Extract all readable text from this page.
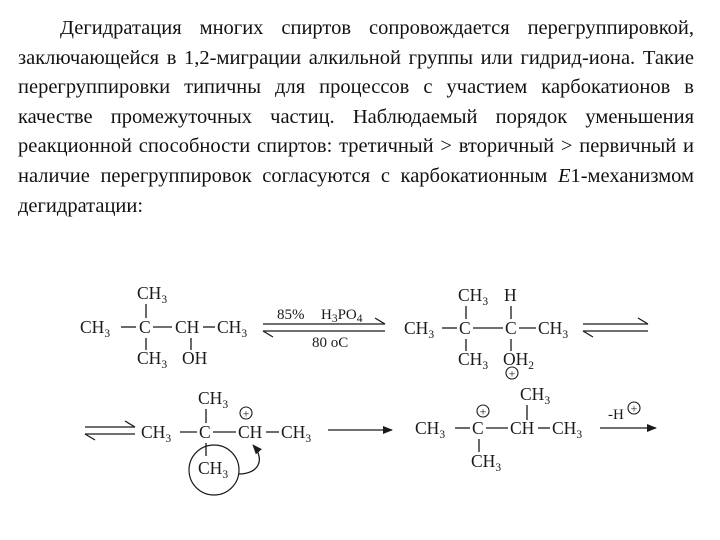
Дегидратация многих спиртов сопровождается перегруппировкой, заключающейся в 1,2-миграции алкильной группы или гидрид-иона. Такие перегруппировки типичны для процессов с участием карбокатионов в качестве промежуточных частиц. Наблюдаемый порядок уменьшения реакционной способности спиртов: третичный > вторичный > первичный и наличие перегруппировок согласуются с карбокатионным E1-механизмом дегидратации:

$CH_3$
$CH_3$ C CH $CH_3$
$CH_3$ OH
85% $H_3PO_4$
80 oC
$CH_3$ H
$CH_3$ C C $CH_3$
$CH_3$ $OH_2$
+
$CH_3$
+
$CH_3$ C CH $CH_3$
$CH_3$
$CH_3$
+
$CH_3$ C CH $CH_3$
$CH_3$
-H +
